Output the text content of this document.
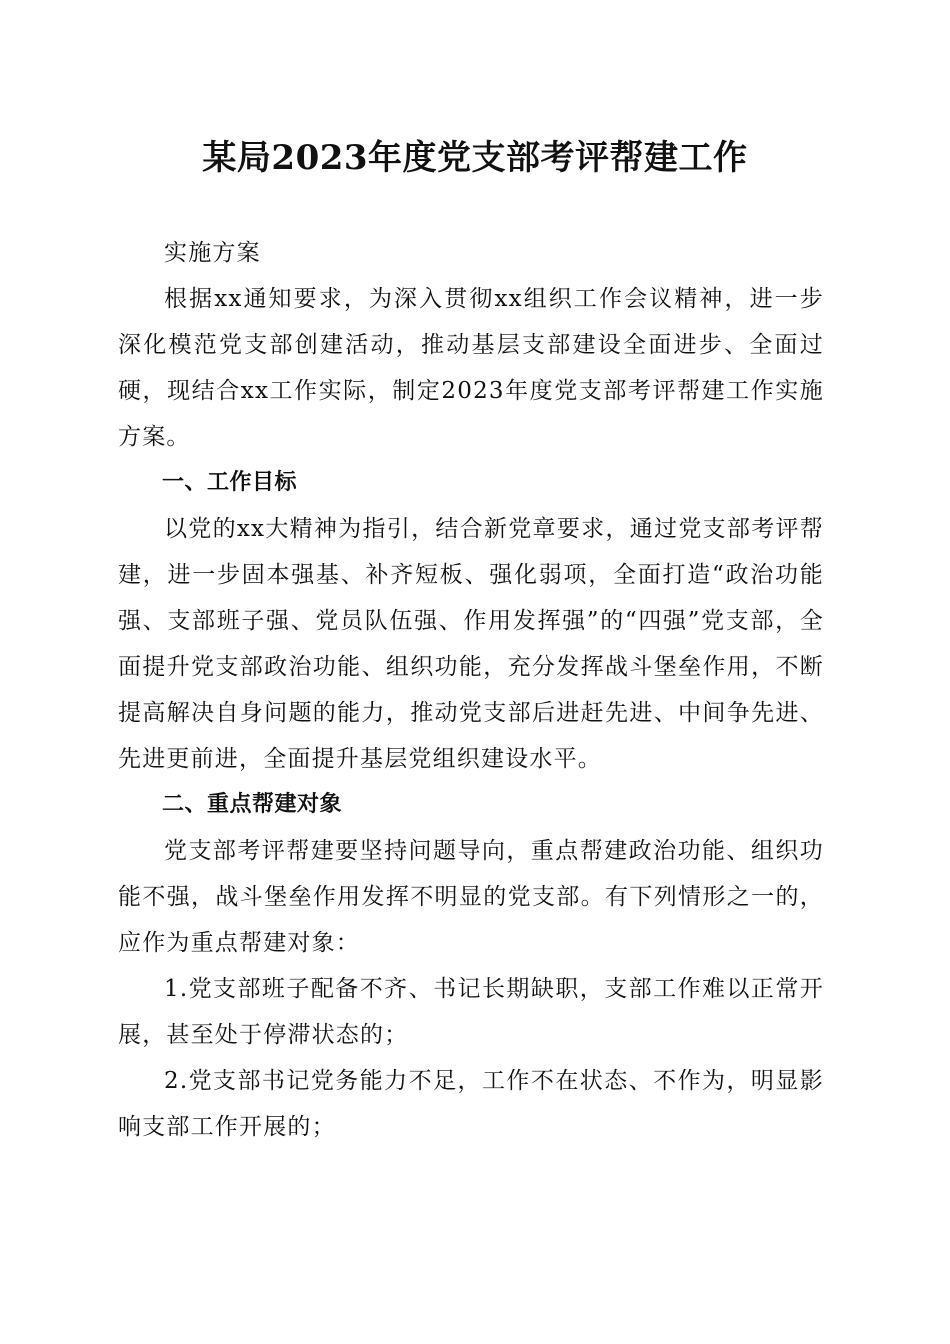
某局2023年度党支部考评帮建工作

实施方案

根据xx通知要求，为深入贯彻xx组织工作会议精神，进一步深化模范党支部创建活动，推动基层支部建设全面进步、全面过硬，现结合xx工作实际，制定2023年度党支部考评帮建工作实施方案。

一、工作目标

以党的xx大精神为指引，结合新党章要求，通过党支部考评帮建，进一步固本强基、补齐短板、强化弱项，全面打造“政治功能强、支部班子强、党员队伍强、作用发挥强”的“四强”党支部，全面提升党支部政治功能、组织功能，充分发挥战斗堡垒作用，不断提高解决自身问题的能力，推动党支部后进赶先进、中间争先进、先进更前进，全面提升基层党组织建设水平。

二、重点帮建对象

党支部考评帮建要坚持问题导向，重点帮建政治功能、组织功能不强，战斗堡垒作用发挥不明显的党支部。有下列情形之一的，应作为重点帮建对象：

1.党支部班子配备不齐、书记长期缺职，支部工作难以正常开展，甚至处于停滞状态的；

2.党支部书记党务能力不足，工作不在状态、不作为，明显影响支部工作开展的；
